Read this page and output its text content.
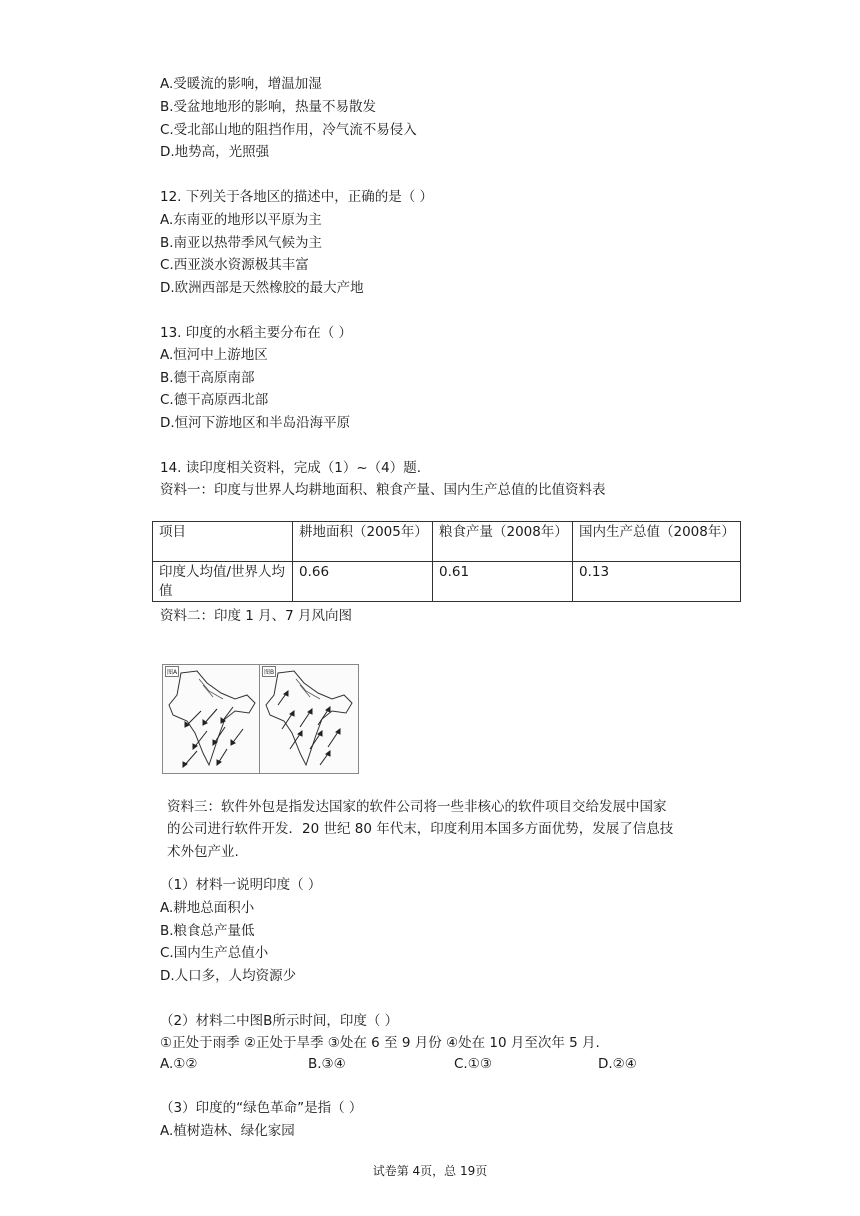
A.受暖流的影响，增温加湿
B.受盆地地形的影响，热量不易散发
C.受北部山地的阻挡作用，冷气流不易侵入
D.地势高，光照强
12. 下列关于各地区的描述中，正确的是（ ）
A.东南亚的地形以平原为主
B.南亚以热带季风气候为主
C.西亚淡水资源极其丰富
D.欧洲西部是天然橡胶的最大产地
13. 印度的水稻主要分布在（ ）
A.恒河中上游地区
B.德干高原南部
C.德干高原西北部
D.恒河下游地区和半岛沿海平原
14. 读印度相关资料，完成（1）~（4）题.
资料一：印度与世界人均耕地面积、粮食产量、国内生产总值的比值资料表
项目	耕地面积（2005年）	粮食产量（2008年）	国内生产总值（2008年）
印度人均值/世界人均值	0.66	0.61	0.13
资料二：印度 1 月、7 月风向图
图A	图B
资料三：软件外包是指发达国家的软件公司将一些非核心的软件项目交给发展中国家
的公司进行软件开发．20 世纪 80 年代末，印度利用本国多方面优势，发展了信息技
术外包产业.
（1）材料一说明印度（ ）
A.耕地总面积小
B.粮食总产量低
C.国内生产总值小
D.人口多，人均资源少
（2）材料二中图B所示时间，印度（ ）
①正处于雨季 ②正处于旱季 ③处在 6 至 9 月份 ④处在 10 月至次年 5 月.
A.①②	B.③④	C.①③	D.②④
（3）印度的“绿色革命”是指（ ）
A.植树造林、绿化家园
试卷第 4页，总 19页
